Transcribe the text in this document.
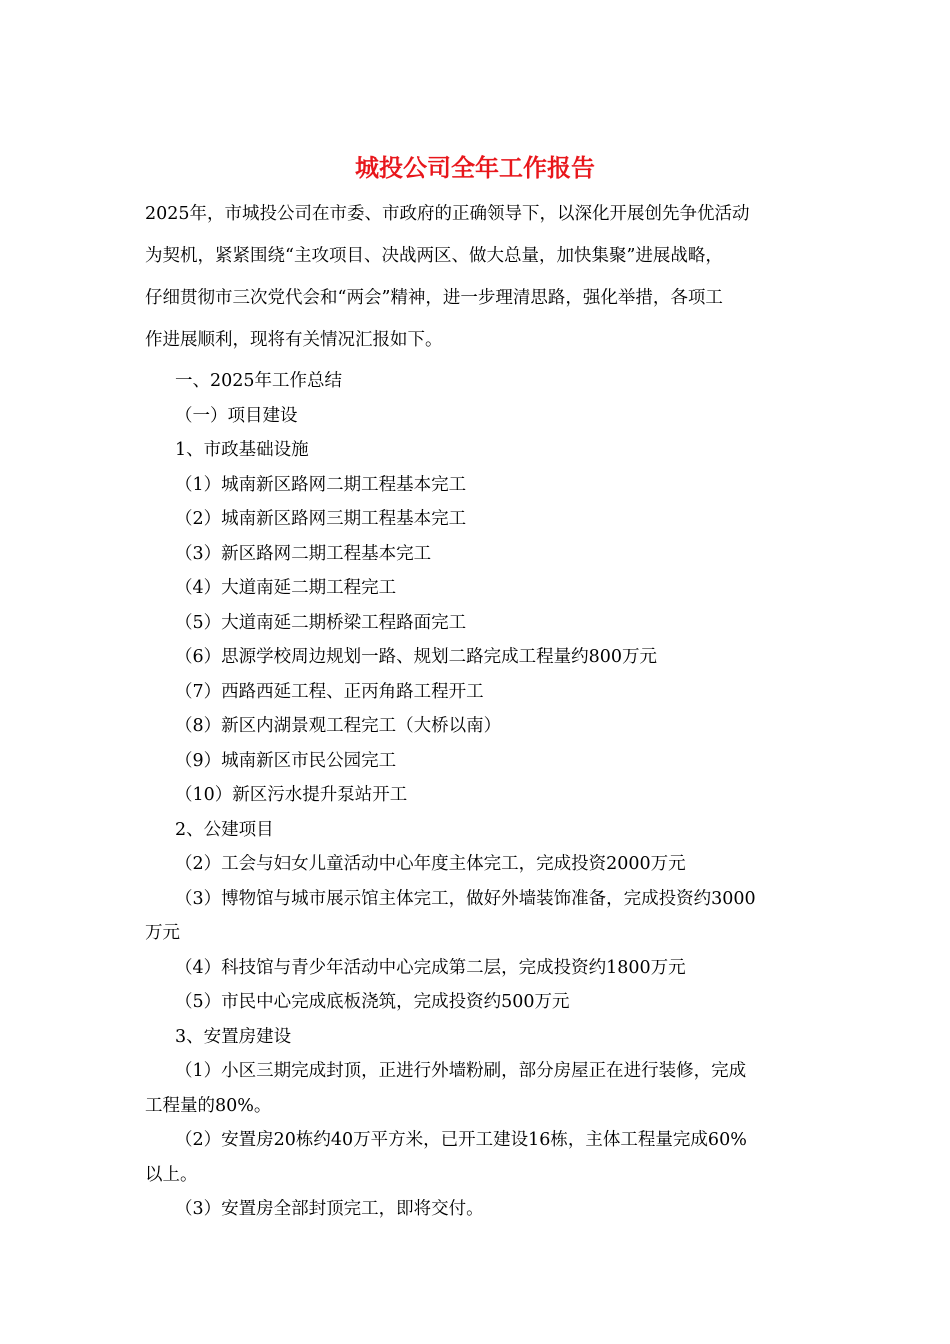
城投公司全年工作报告

2025年，市城投公司在市委、市政府的正确领导下，以深化开展创先争优活动

为契机，紧紧围绕“主攻项目、决战两区、做大总量，加快集聚”进展战略，

仔细贯彻市三次党代会和“两会”精神，进一步理清思路，强化举措，各项工

作进展顺利，现将有关情况汇报如下。

一、2025年工作总结

（一）项目建设

1、市政基础设施

（1）城南新区路网二期工程基本完工

（2）城南新区路网三期工程基本完工

（3）新区路网二期工程基本完工

（4）大道南延二期工程完工

（5）大道南延二期桥梁工程路面完工

（6）思源学校周边规划一路、规划二路完成工程量约800万元

（7）西路西延工程、正丙角路工程开工

（8）新区内湖景观工程完工（大桥以南）

（9）城南新区市民公园完工

（10）新区污水提升泵站开工

2、公建项目

（2）工会与妇女儿童活动中心年度主体完工，完成投资2000万元

（3）博物馆与城市展示馆主体完工，做好外墙装饰准备，完成投资约3000

万元

（4）科技馆与青少年活动中心完成第二层，完成投资约1800万元

（5）市民中心完成底板浇筑，完成投资约500万元

3、安置房建设

（1）小区三期完成封顶，正进行外墙粉刷，部分房屋正在进行装修，完成

工程量的80%。

（2）安置房20栋约40万平方米，已开工建设16栋，主体工程量完成60%

以上。

（3）安置房全部封顶完工，即将交付。
